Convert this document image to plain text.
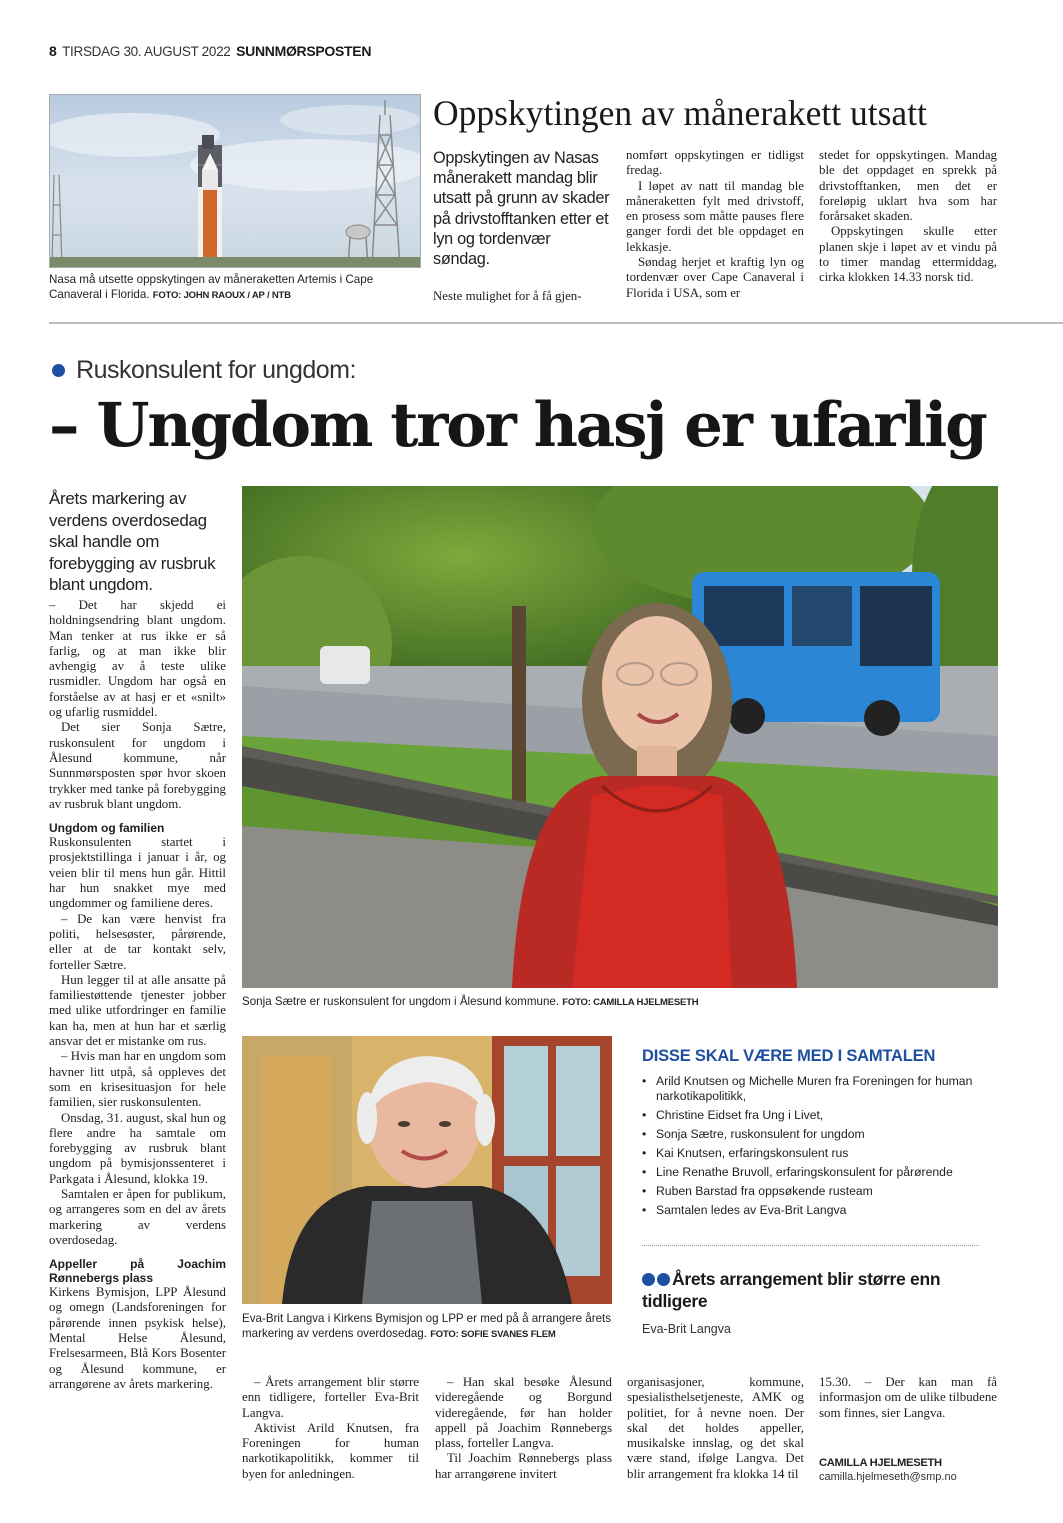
8 TIRSDAG 30. AUGUST 2022 SUNNMØRSPOSTEN
Nasa må utsette oppskytingen av måneraketten Artemis i Cape Canaveral i Florida. FOTO: JOHN RAOUX / AP / NTB
Oppskytingen av månerakett utsatt
Oppskytingen av Nasas månerakett mandag blir utsatt på grunn av skader på drivstofftanken etter et lyn og tordenvær søndag.

Neste mulighet for å få gjen-

nomført oppskytingen er tidligst fredag.

I løpet av natt til mandag ble måneraketten fylt med drivstoff, en prosess som måtte pauses flere ganger fordi det ble oppdaget en lekkasje.

Søndag herjet et kraftig lyn og tordenvær over Cape Canaveral i Florida i USA, som er

stedet for oppskytingen. Mandag ble det oppdaget en sprekk på drivstofftanken, men det er foreløpig uklart hva som har forårsaket skaden.

Oppskytingen skulle etter planen skje i løpet av et vindu på to timer mandag ettermiddag, cirka klokken 14.33 norsk tid.

Ruskonsulent for ungdom:
– Ungdom tror hasj er ufarlig
Årets markering av verdens overdosedag skal handle om forebygging av rusbruk blant ungdom.

– Det har skjedd ei holdningsendring blant ungdom. Man tenker at rus ikke er så farlig, og at man ikke blir avhengig av å teste ulike rusmidler. Ungdom har også en forståelse av at hasj er et «snilt» og ufarlig rusmiddel.

Det sier Sonja Sætre, ruskonsulent for ungdom i Ålesund kommune, når Sunnmørsposten spør hvor skoen trykker med tanke på forebygging av rusbruk blant ungdom.

Ungdom og familien

Ruskonsulenten startet i prosjektstillinga i januar i år, og veien blir til mens hun går. Hittil har hun snakket mye med ungdommer og familiene deres.

– De kan være henvist fra politi, helsesøster, pårørende, eller at de tar kontakt selv, forteller Sætre.

Hun legger til at alle ansatte på familiestøttende tjenester jobber med ulike utfordringer en familie kan ha, men at hun har et særlig ansvar det er mistanke om rus.

– Hvis man har en ungdom som havner litt utpå, så oppleves det som en krisesituasjon for hele familien, sier ruskonsulenten.

Onsdag, 31. august, skal hun og flere andre ha samtale om forebygging av rusbruk blant ungdom på bymisjonssenteret i Parkgata i Ålesund, klokka 19.

Samtalen er åpen for publikum, og arrangeres som en del av årets markering av verdens overdosedag.

Appeller på Joachim Rønnebergs plass

Kirkens Bymisjon, LPP Ålesund og omegn (Landsforeningen for pårørende innen psykisk helse), Mental Helse Ålesund, Frelsesarmeen, Blå Kors Bosenter og Ålesund kommune, er arrangørene av årets markering.

Sonja Sætre er ruskonsulent for ungdom i Ålesund kommune. FOTO: CAMILLA HJELMESETH
Eva-Brit Langva i Kirkens Bymisjon og LPP er med på å arrangere årets markering av verdens overdosedag. FOTO: SOFIE SVANES FLEM
DISSE SKAL VÆRE MED I SAMTALEN
• Arild Knutsen og Michelle Muren fra Foreningen for human narkotikapolitikk,
• Christine Eidset fra Ung i Livet,
• Sonja Sætre, ruskonsulent for ungdom
• Kai Knutsen, erfaringskonsulent rus
• Line Renathe Bruvoll, erfaringskonsulent for pårørende
• Ruben Barstad fra oppsøkende rusteam
• Samtalen ledes av Eva-Brit Langva
Årets arrangement blir større enn tidligere
Eva-Brit Langva

– Årets arrangement blir større enn tidligere, forteller Eva-Brit Langva.

Aktivist Arild Knutsen, fra Foreningen for human narkotikapolitikk, kommer til byen for anledningen.

– Han skal besøke Ålesund videregående og Borgund videregående, før han holder appell på Joachim Rønnebergs plass, forteller Langva.

Til Joachim Rønnebergs plass har arrangørene invitert

organisasjoner, kommune, spesialisthelsetjeneste, AMK og politiet, for å nevne noen. Der skal det holdes appeller, musikalske innslag, og det skal være stand, ifølge Langva. Det blir arrangement fra klokka 14 til

15.30. – Der kan man få informasjon om de ulike tilbudene som finnes, sier Langva.

CAMILLA HJELMESETH
camilla.hjelmeseth@smp.no
